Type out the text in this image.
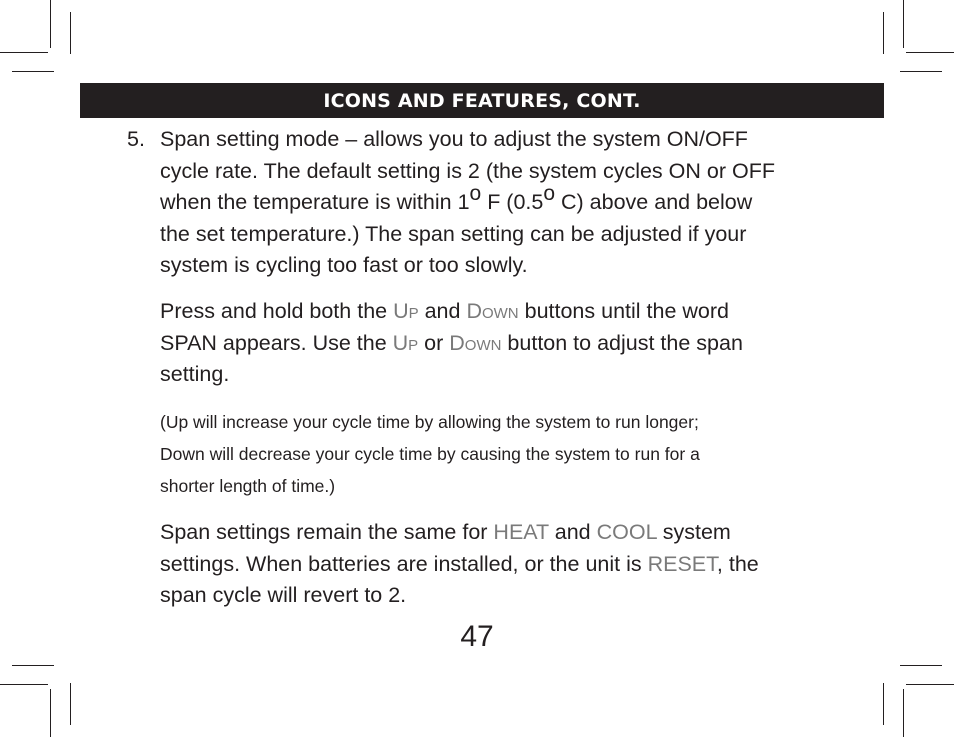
ICONS AND FEATURES, CONT.
5. Span setting mode – allows you to adjust the system ON/OFF
cycle rate. The default setting is 2 (the system cycles ON or OFF
when the temperature is within 1o F (0.5o C) above and below
the set temperature.) The span setting can be adjusted if your
system is cycling too fast or too slowly.
Press and hold both the Up and Down buttons until the word
SPAN appears. Use the Up or Down button to adjust the span
setting.
(Up will increase your cycle time by allowing the system to run longer;
Down will decrease your cycle time by causing the system to run for a
shorter length of time.)
Span settings remain the same for HEAT and COOL system
settings. When batteries are installed, or the unit is RESET, the
span cycle will revert to 2.
47
